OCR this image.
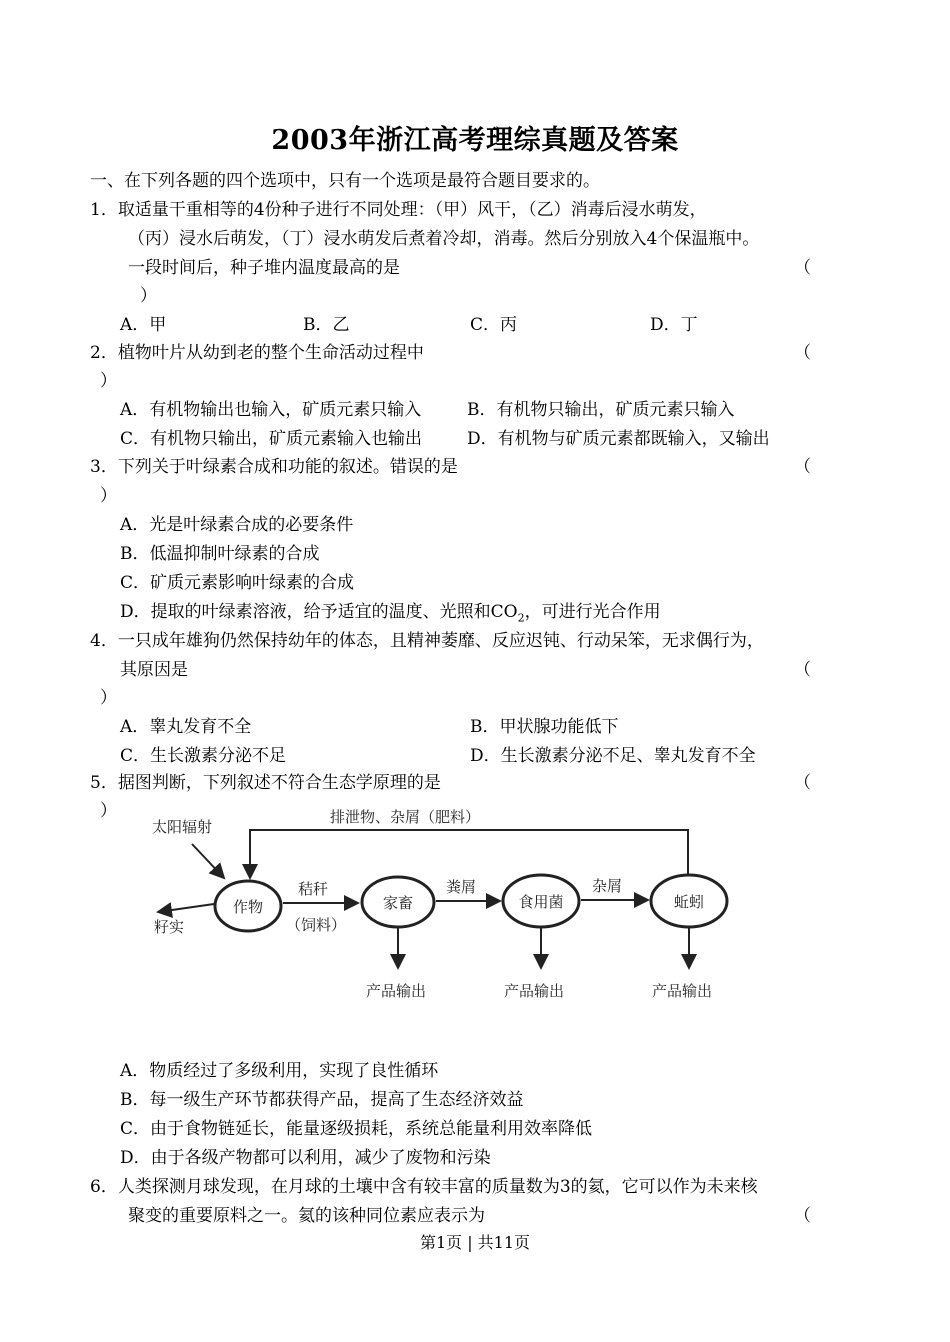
2003年浙江高考理综真题及答案
一、在下列各题的四个选项中，只有一个选项是最符合题目要求的。
1．取适量干重相等的4份种子进行不同处理：（甲）风干，（乙）消毒后浸水萌发，
（丙）浸水后萌发，（丁）浸水萌发后煮着冷却，消毒。然后分别放入4个保温瓶中。
一段时间后，种子堆内温度最高的是	（
）
A．甲	B．乙	C．丙	D．丁
2．植物叶片从幼到老的整个生命活动过程中	（
）
A．有机物输出也输入，矿质元素只输入	B．有机物只输出，矿质元素只输入
C．有机物只输出，矿质元素输入也输出	D．有机物与矿质元素都既输入，又输出
3．下列关于叶绿素合成和功能的叙述。错误的是	（
）
A．光是叶绿素合成的必要条件
B．低温抑制叶绿素的合成
C．矿质元素影响叶绿素的合成
D．提取的叶绿素溶液，给予适宜的温度、光照和$CO_2$，可进行光合作用
4．一只成年雄狗仍然保持幼年的体态，且精神萎靡、反应迟钝、行动呆笨，无求偶行为，
其原因是	（
）
A．睾丸发育不全	B．甲状腺功能低下
C．生长激素分泌不足	D．生长激素分泌不足、睾丸发育不全
5．据图判断，下列叙述不符合生态学原理的是	（
）	排泄物、杂屑（肥料）
太阳辐射
籽实
作物	家畜	食用菌	蚯蚓
秸秆
（饲料）
粪屑	杂屑
产品输出	产品输出	产品输出
A．物质经过了多级利用，实现了良性循环
B．每一级生产环节都获得产品，提高了生态经济效益
C．由于食物链延长，能量逐级损耗，系统总能量利用效率降低
D．由于各级产物都可以利用，减少了废物和污染
6．人类探测月球发现，在月球的土壤中含有较丰富的质量数为3的氦，它可以作为未来核
聚变的重要原料之一。氦的该种同位素应表示为	（
第1页 | 共11页
